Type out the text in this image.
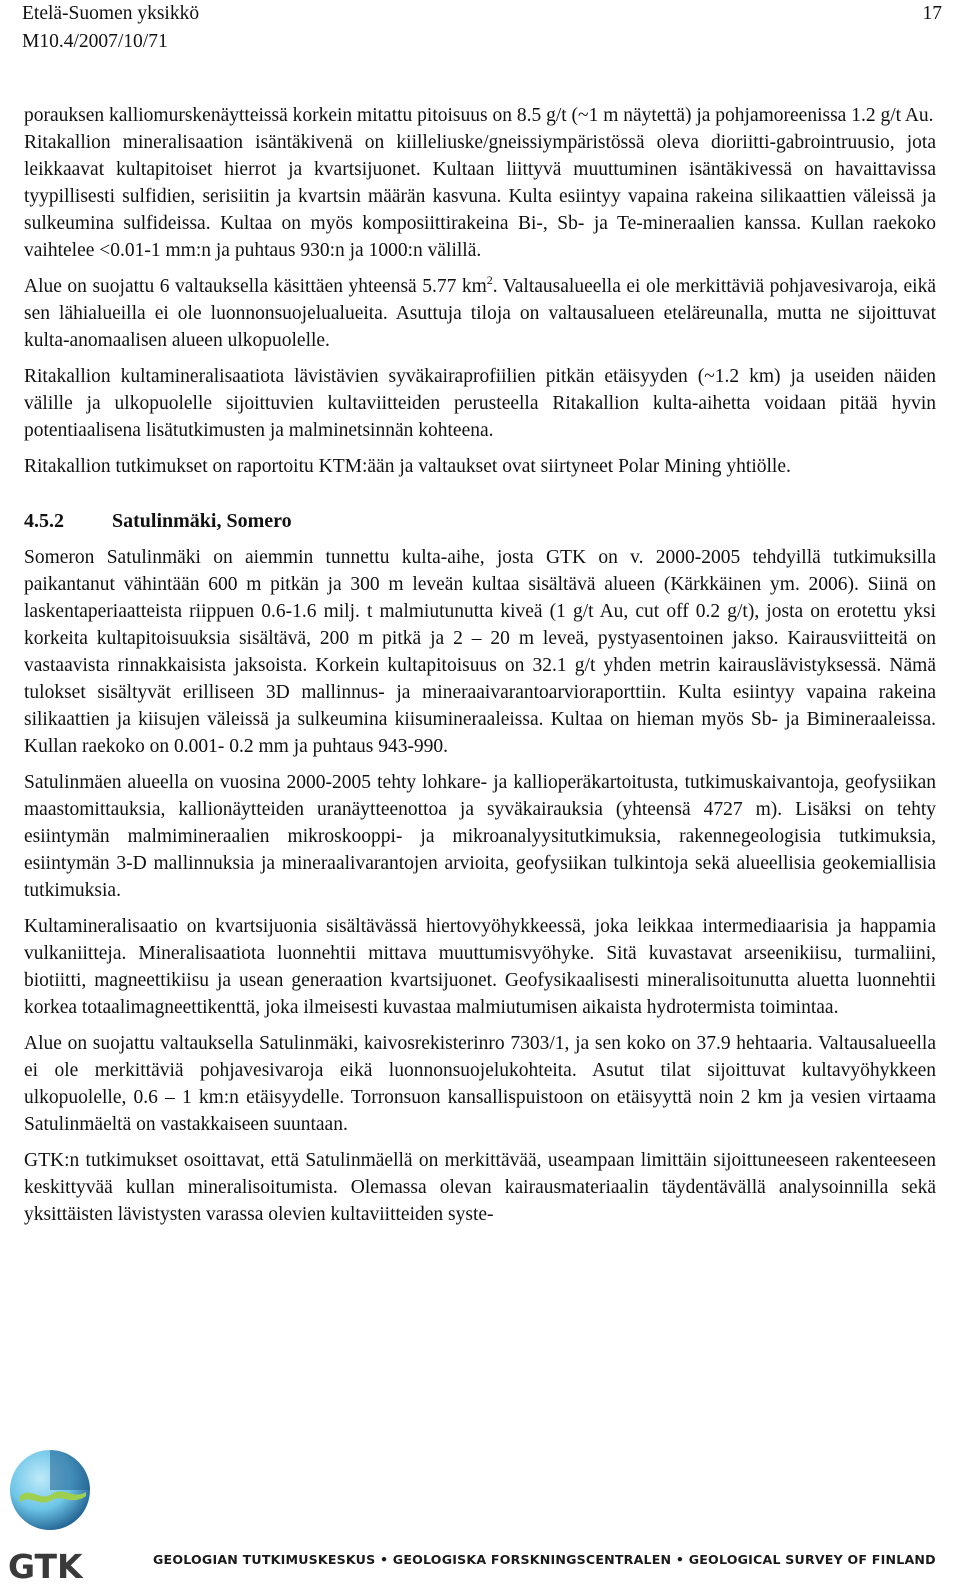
Etelä-Suomen yksikkö
M10.4/2007/10/71
17

porauksen kalliomurskenäytteissä korkein mitattu pitoisuus on 8.5 g/t (~1 m näytettä) ja pohjamoreenissa 1.2 g/t Au.

Ritakallion mineralisaation isäntäkivenä on kiilleliuske/gneissiympäristössä oleva dioriitti-gabrointruusio, jota leikkaavat kultapitoiset hierrot ja kvartsijuonet. Kultaan liittyvä muuttuminen isäntäkivessä on havaittavissa tyypillisesti sulfidien, serisiitin ja kvartsin määrän kasvuna. Kulta esiintyy vapaina rakeina silikaattien väleissä ja sulkeumina sulfideissa. Kultaa on myös komposiittirakeina Bi-, Sb- ja Te-mineraalien kanssa. Kullan raekoko vaihtelee <0.01-1 mm:n ja puhtaus 930:n ja 1000:n välillä.

Alue on suojattu 6 valtauksella käsittäen yhteensä 5.77 $km^2$. Valtausalueella ei ole merkittäviä pohjavesivaroja, eikä sen lähialueilla ei ole luonnonsuojelualueita. Asuttuja tiloja on valtausalueen eteläreunalla, mutta ne sijoittuvat kulta-anomaalisen alueen ulkopuolelle.

Ritakallion kultamineralisaatiota lävistävien syväkairaprofiilien pitkän etäisyyden (~1.2 km) ja useiden näiden välille ja ulkopuolelle sijoittuvien kultaviitteiden perusteella Ritakallion kulta-aihetta voidaan pitää hyvin potentiaalisena lisätutkimusten ja malminetsinnän kohteena.

Ritakallion tutkimukset on raportoitu KTM:ään ja valtaukset ovat siirtyneet Polar Mining yhtiölle.

4.5.2 Satulinmäki, Somero

Someron Satulinmäki on aiemmin tunnettu kulta-aihe, josta GTK on v. 2000-2005 tehdyillä tutkimuksilla paikantanut vähintään 600 m pitkän ja 300 m leveän kultaa sisältävä alueen (Kärkkäinen ym. 2006). Siinä on laskentaperiaatteista riippuen 0.6-1.6 milj. t malmiutunutta kiveä (1 g/t Au, cut off 0.2 g/t), josta on erotettu yksi korkeita kultapitoisuuksia sisältävä, 200 m pitkä ja 2 – 20 m leveä, pystyasentoinen jakso. Kairausviitteitä on vastaavista rinnakkaisista jaksoista. Korkein kultapitoisuus on 32.1 g/t yhden metrin kairauslävistyksessä. Nämä tulokset sisältyvät erilliseen 3D mallinnus- ja mineraaivarantoarvioraporttiin. Kulta esiintyy vapaina rakeina silikaattien ja kiisujen väleissä ja sulkeumina kiisumineraaleissa. Kultaa on hieman myös Sb- ja Bimineraaleissa. Kullan raekoko on 0.001- 0.2 mm ja puhtaus 943-990.

Satulinmäen alueella on vuosina 2000-2005 tehty lohkare- ja kallioperäkartoitusta, tutkimuskaivantoja, geofysiikan maastomittauksia, kallionäytteiden uranäytteenottoa ja syväkairauksia (yhteensä 4727 m). Lisäksi on tehty esiintymän malmimineraalien mikroskooppi- ja mikroanalyysitutkimuksia, rakennegeologisia tutkimuksia, esiintymän 3-D mallinnuksia ja mineraalivarantojen arvioita, geofysiikan tulkintoja sekä alueellisia geokemiallisia tutkimuksia.

Kultamineralisaatio on kvartsijuonia sisältävässä hiertovyöhykkeessä, joka leikkaa intermediaarisia ja happamia vulkaniitteja. Mineralisaatiota luonnehtii mittava muuttumisvyöhyke. Sitä kuvastavat arseenikiisu, turmaliini, biotiitti, magneettikiisu ja usean generaation kvartsijuonet. Geofysikaalisesti mineralisoitunutta aluetta luonnehtii korkea totaalimagneettikenttä, joka ilmeisesti kuvastaa malmiutumisen aikaista hydrotermista toimintaa.

Alue on suojattu valtauksella Satulinmäki, kaivosrekisterinro 7303/1, ja sen koko on 37.9 hehtaaria. Valtausalueella ei ole merkittäviä pohjavesivaroja eikä luonnonsuojelukohteita. Asutut tilat sijoittuvat kultavyöhykkeen ulkopuolelle, 0.6 – 1 km:n etäisyydelle. Torronsuon kansallispuistoon on etäisyyttä noin 2 km ja vesien virtaama Satulinmäeltä on vastakkaiseen suuntaan.

GTK:n tutkimukset osoittavat, että Satulinmäellä on merkittävää, useampaan limittäin sijoittuneeseen rakenteeseen keskittyvää kullan mineralisoitumista. Olemassa olevan kairausmateriaalin täydentävällä analysoinnilla sekä yksittäisten lävistysten varassa olevien kultaviitteiden syste-

GTK	GEOLOGIAN TUTKIMUSKESKUS • GEOLOGISKA FORSKNINGSCENTRALEN • GEOLOGICAL SURVEY OF FINLAND
